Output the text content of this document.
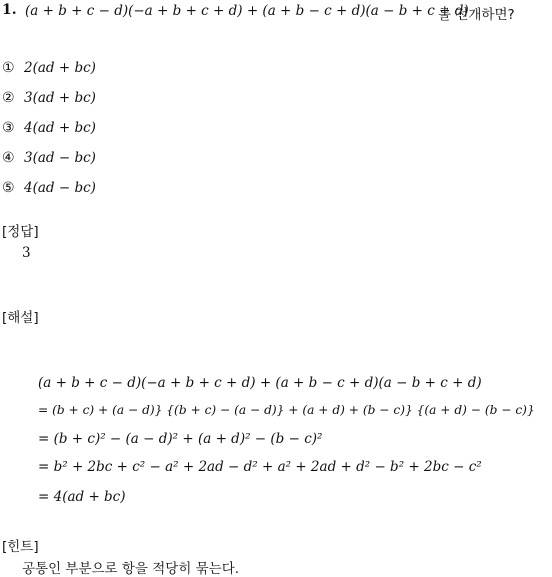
1. (a + b + c − d)(−a + b + c + d) + (a + b − c + d)(a − b + c + d)
를 전개하면?
① 2(ad + bc)
② 3(ad + bc)
③ 4(ad + bc)
④ 3(ad − bc)
⑤ 4(ad − bc)
[정답]
3
[해설]
(a + b + c − d)(−a + b + c + d) + (a + b − c + d)(a − b + c + d)
= (b + c) + (a − d)} {(b + c) − (a − d)} + (a + d) + (b − c)} {(a + d) − (b − c)}
= (b + c)² − (a − d)² + (a + d)² − (b − c)²
= b² + 2bc + c² − a² + 2ad − d² + a² + 2ad + d² − b² + 2bc − c²
= 4(ad + bc)
[힌트]
공통인 부분으로 항을 적당히 묶는다.
